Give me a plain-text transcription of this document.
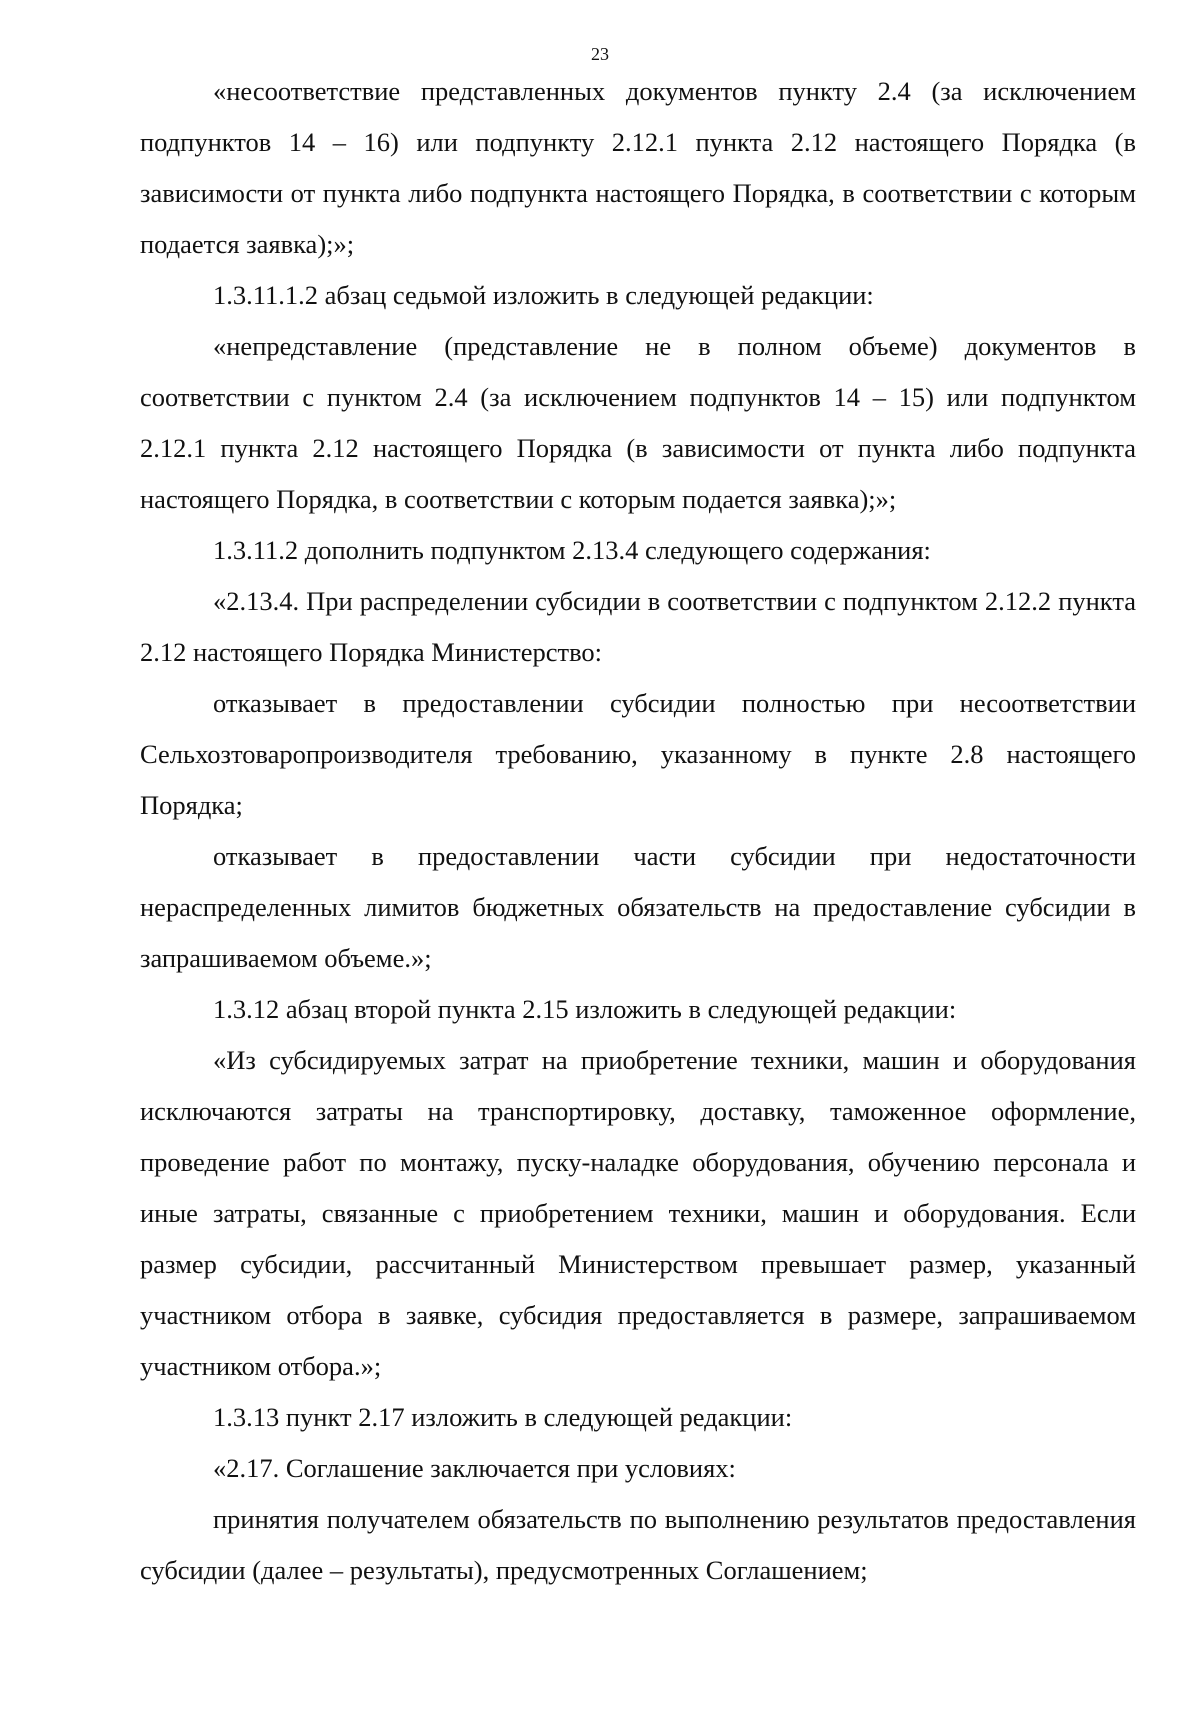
23

«несоответствие представленных документов пункту 2.4 (за исключением подпунктов 14 – 16) или подпункту 2.12.1 пункта 2.12 настоящего Порядка (в зависимости от пункта либо подпункта настоящего Порядка, в соответствии с которым подается заявка);»;

1.3.11.1.2 абзац седьмой изложить в следующей редакции:

«непредставление (представление не в полном объеме) документов в соответствии с пунктом 2.4 (за исключением подпунктов 14 – 15) или подпунктом 2.12.1 пункта 2.12 настоящего Порядка (в зависимости от пункта либо подпункта настоящего Порядка, в соответствии с которым подается заявка);»;

1.3.11.2 дополнить подпунктом 2.13.4 следующего содержания:

«2.13.4. При распределении субсидии в соответствии с подпунктом 2.12.2 пункта 2.12 настоящего Порядка Министерство:

отказывает в предоставлении субсидии полностью при несоответствии Сельхозтоваропроизводителя требованию, указанному в пункте 2.8 настоящего Порядка;

отказывает в предоставлении части субсидии при недостаточности нераспределенных лимитов бюджетных обязательств на предоставление субсидии в запрашиваемом объеме.»;

1.3.12 абзац второй пункта 2.15 изложить в следующей редакции:

«Из субсидируемых затрат на приобретение техники, машин и оборудования исключаются затраты на транспортировку, доставку, таможенное оформление, проведение работ по монтажу, пуску-наладке оборудования, обучению персонала и иные затраты, связанные с приобретением техники, машин и оборудования. Если размер субсидии, рассчитанный Министерством превышает размер, указанный участником отбора в заявке, субсидия предоставляется в размере, запрашиваемом участником отбора.»;

1.3.13 пункт 2.17 изложить в следующей редакции:

«2.17. Соглашение заключается при условиях:

принятия получателем обязательств по выполнению результатов предоставления субсидии (далее – результаты), предусмотренных Соглашением;
